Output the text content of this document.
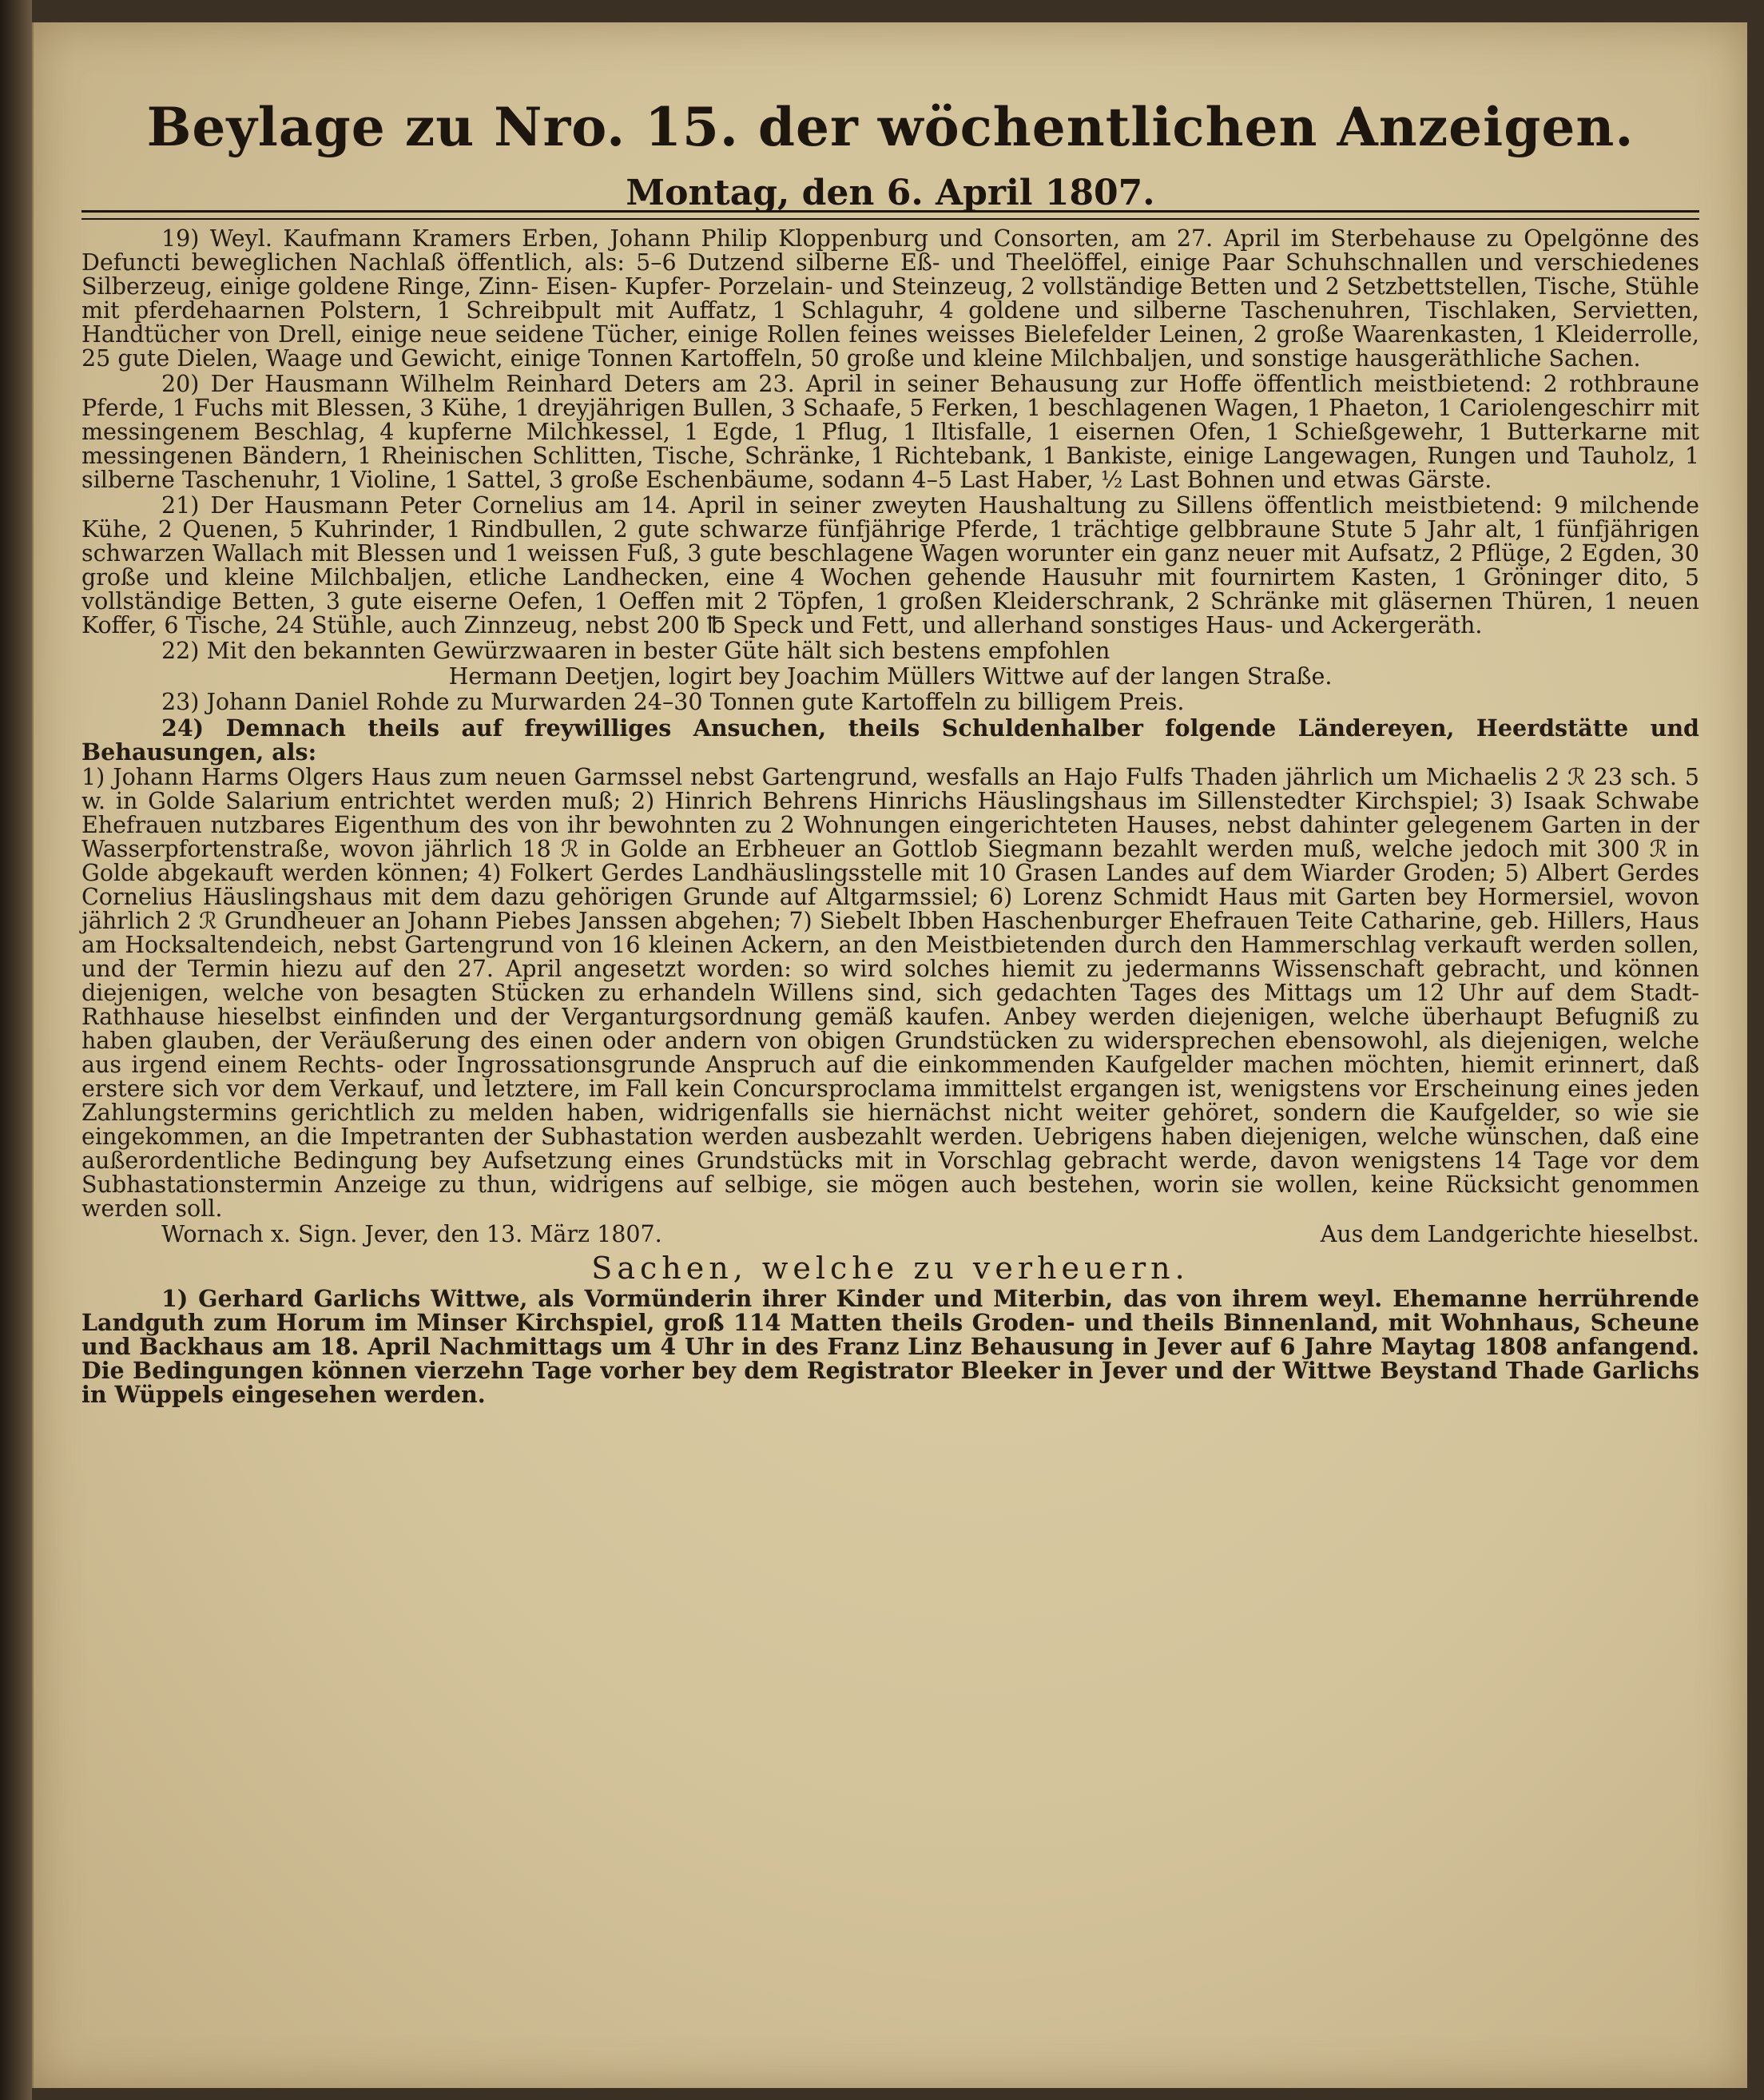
Beylage zu Nro. 15. der wöchentlichen Anzeigen.
Montag, den 6. April 1807.

19) Weyl. Kaufmann Kramers Erben, Johann Philip Kloppenburg und Consorten, am 27. April im Sterbehause zu Opelgönne des Defuncti beweglichen Nachlaß öffentlich, als: 5–6 Dutzend silberne Eß- und Theelöffel, einige Paar Schuhschnallen und verschiedenes Silberzeug, einige goldene Ringe, Zinn- Eisen- Kupfer- Porzelain- und Steinzeug, 2 vollständige Betten und 2 Setzbettstellen, Tische, Stühle mit pferdehaarnen Polstern, 1 Schreibpult mit Auffatz, 1 Schlaguhr, 4 goldene und silberne Taschenuhren, Tischlaken, Servietten, Handtücher von Drell, einige neue seidene Tücher, einige Rollen feines weisses Bielefelder Leinen, 2 große Waarenkasten, 1 Kleiderrolle, 25 gute Dielen, Waage und Gewicht, einige Tonnen Kartoffeln, 50 große und kleine Milchbaljen, und sonstige hausgeräthliche Sachen.

20) Der Hausmann Wilhelm Reinhard Deters am 23. April in seiner Behausung zur Hoffe öffentlich meistbietend: 2 rothbraune Pferde, 1 Fuchs mit Blessen, 3 Kühe, 1 dreyjährigen Bullen, 3 Schaafe, 5 Ferken, 1 beschlagenen Wagen, 1 Phaeton, 1 Cariolengeschirr mit messingenem Beschlag, 4 kupferne Milchkessel, 1 Egde, 1 Pflug, 1 Iltisfalle, 1 eisernen Ofen, 1 Schießgewehr, 1 Butterkarne mit messingenen Bändern, 1 Rheinischen Schlitten, Tische, Schränke, 1 Richtebank, 1 Bankiste, einige Langewagen, Rungen und Tauholz, 1 silberne Taschenuhr, 1 Violine, 1 Sattel, 3 große Eschenbäume, sodann 4–5 Last Haber, ½ Last Bohnen und etwas Gärste.

21) Der Hausmann Peter Cornelius am 14. April in seiner zweyten Haushaltung zu Sillens öffentlich meistbietend: 9 milchende Kühe, 2 Quenen, 5 Kuhrinder, 1 Rindbullen, 2 gute schwarze fünfjährige Pferde, 1 trächtige gelbbraune Stute 5 Jahr alt, 1 fünfjährigen schwarzen Wallach mit Blessen und 1 weissen Fuß, 3 gute beschlagene Wagen worunter ein ganz neuer mit Aufsatz, 2 Pflüge, 2 Egden, 30 große und kleine Milchbaljen, etliche Landhecken, eine 4 Wochen gehende Hausuhr mit fournirtem Kasten, 1 Gröninger dito, 5 vollständige Betten, 3 gute eiserne Oefen, 1 Oeffen mit 2 Töpfen, 1 großen Kleiderschrank, 2 Schränke mit gläsernen Thüren, 1 neuen Koffer, 6 Tische, 24 Stühle, auch Zinnzeug, nebst 200 ℔ Speck und Fett, und allerhand sonstiges Haus- und Ackergeräth.

22) Mit den bekannten Gewürzwaaren in bester Güte hält sich bestens empfohlen

Hermann Deetjen, logirt bey Joachim Müllers Wittwe auf der langen Straße.

23) Johann Daniel Rohde zu Murwarden 24–30 Tonnen gute Kartoffeln zu billigem Preis.

24) Demnach theils auf freywilliges Ansuchen, theils Schuldenhalber folgende Ländereyen, Heerdstätte und Behausungen, als:

1) Johann Harms Olgers Haus zum neuen Garmssel nebst Gartengrund, wesfalls an Hajo Fulfs Thaden jährlich um Michaelis 2 ℛ 23 sch. 5 w. in Golde Salarium entrichtet werden muß; 2) Hinrich Behrens Hinrichs Häuslingshaus im Sillenstedter Kirchspiel; 3) Isaak Schwabe Ehefrauen nutzbares Eigenthum des von ihr bewohnten zu 2 Wohnungen eingerichteten Hauses, nebst dahinter gelegenem Garten in der Wasserpfortenstraße, wovon jährlich 18 ℛ in Golde an Erbheuer an Gottlob Siegmann bezahlt werden muß, welche jedoch mit 300 ℛ in Golde abgekauft werden können; 4) Folkert Gerdes Landhäuslingsstelle mit 10 Grasen Landes auf dem Wiarder Groden; 5) Albert Gerdes Cornelius Häuslingshaus mit dem dazu gehörigen Grunde auf Altgarmssiel; 6) Lorenz Schmidt Haus mit Garten bey Hormersiel, wovon jährlich 2 ℛ Grundheuer an Johann Piebes Janssen abgehen; 7) Siebelt Ibben Haschenburger Ehefrauen Teite Catharine, geb. Hillers, Haus am Hocksaltendeich, nebst Gartengrund von 16 kleinen Ackern, an den Meistbietenden durch den Hammerschlag verkauft werden sollen, und der Termin hiezu auf den 27. April angesetzt worden: so wird solches hiemit zu jedermanns Wissenschaft gebracht, und können diejenigen, welche von besagten Stücken zu erhandeln Willens sind, sich gedachten Tages des Mittags um 12 Uhr auf dem Stadt-Rathhause hieselbst einfinden und der Verganturgsordnung gemäß kaufen. Anbey werden diejenigen, welche überhaupt Befugniß zu haben glauben, der Veräußerung des einen oder andern von obigen Grundstücken zu widersprechen ebensowohl, als diejenigen, welche aus irgend einem Rechts- oder Ingrossationsgrunde Anspruch auf die einkommenden Kaufgelder machen möchten, hiemit erinnert, daß erstere sich vor dem Verkauf, und letztere, im Fall kein Concursproclama immittelst ergangen ist, wenigstens vor Erscheinung eines jeden Zahlungstermins gerichtlich zu melden haben, widrigenfalls sie hiernächst nicht weiter gehöret, sondern die Kaufgelder, so wie sie eingekommen, an die Impetranten der Subhastation werden ausbezahlt werden. Uebrigens haben diejenigen, welche wünschen, daß eine außerordentliche Bedingung bey Aufsetzung eines Grundstücks mit in Vorschlag gebracht werde, davon wenigstens 14 Tage vor dem Subhastationstermin Anzeige zu thun, widrigens auf selbige, sie mögen auch bestehen, worin sie wollen, keine Rücksicht genommen werden soll.

Wornach x. Sign. Jever, den 13. März 1807.	Aus dem Landgerichte hieselbst.
Sachen, welche zu verheuern.

1) Gerhard Garlichs Wittwe, als Vormünderin ihrer Kinder und Miterbin, das von ihrem weyl. Ehemanne herrührende Landguth zum Horum im Minser Kirchspiel, groß 114 Matten theils Groden- und theils Binnenland, mit Wohnhaus, Scheune und Backhaus am 18. April Nachmittags um 4 Uhr in des Franz Linz Behausung in Jever auf 6 Jahre Maytag 1808 anfangend. Die Bedingungen können vierzehn Tage vorher bey dem Registrator Bleeker in Jever und der Wittwe Beystand Thade Garlichs in Wüppels eingesehen werden.
